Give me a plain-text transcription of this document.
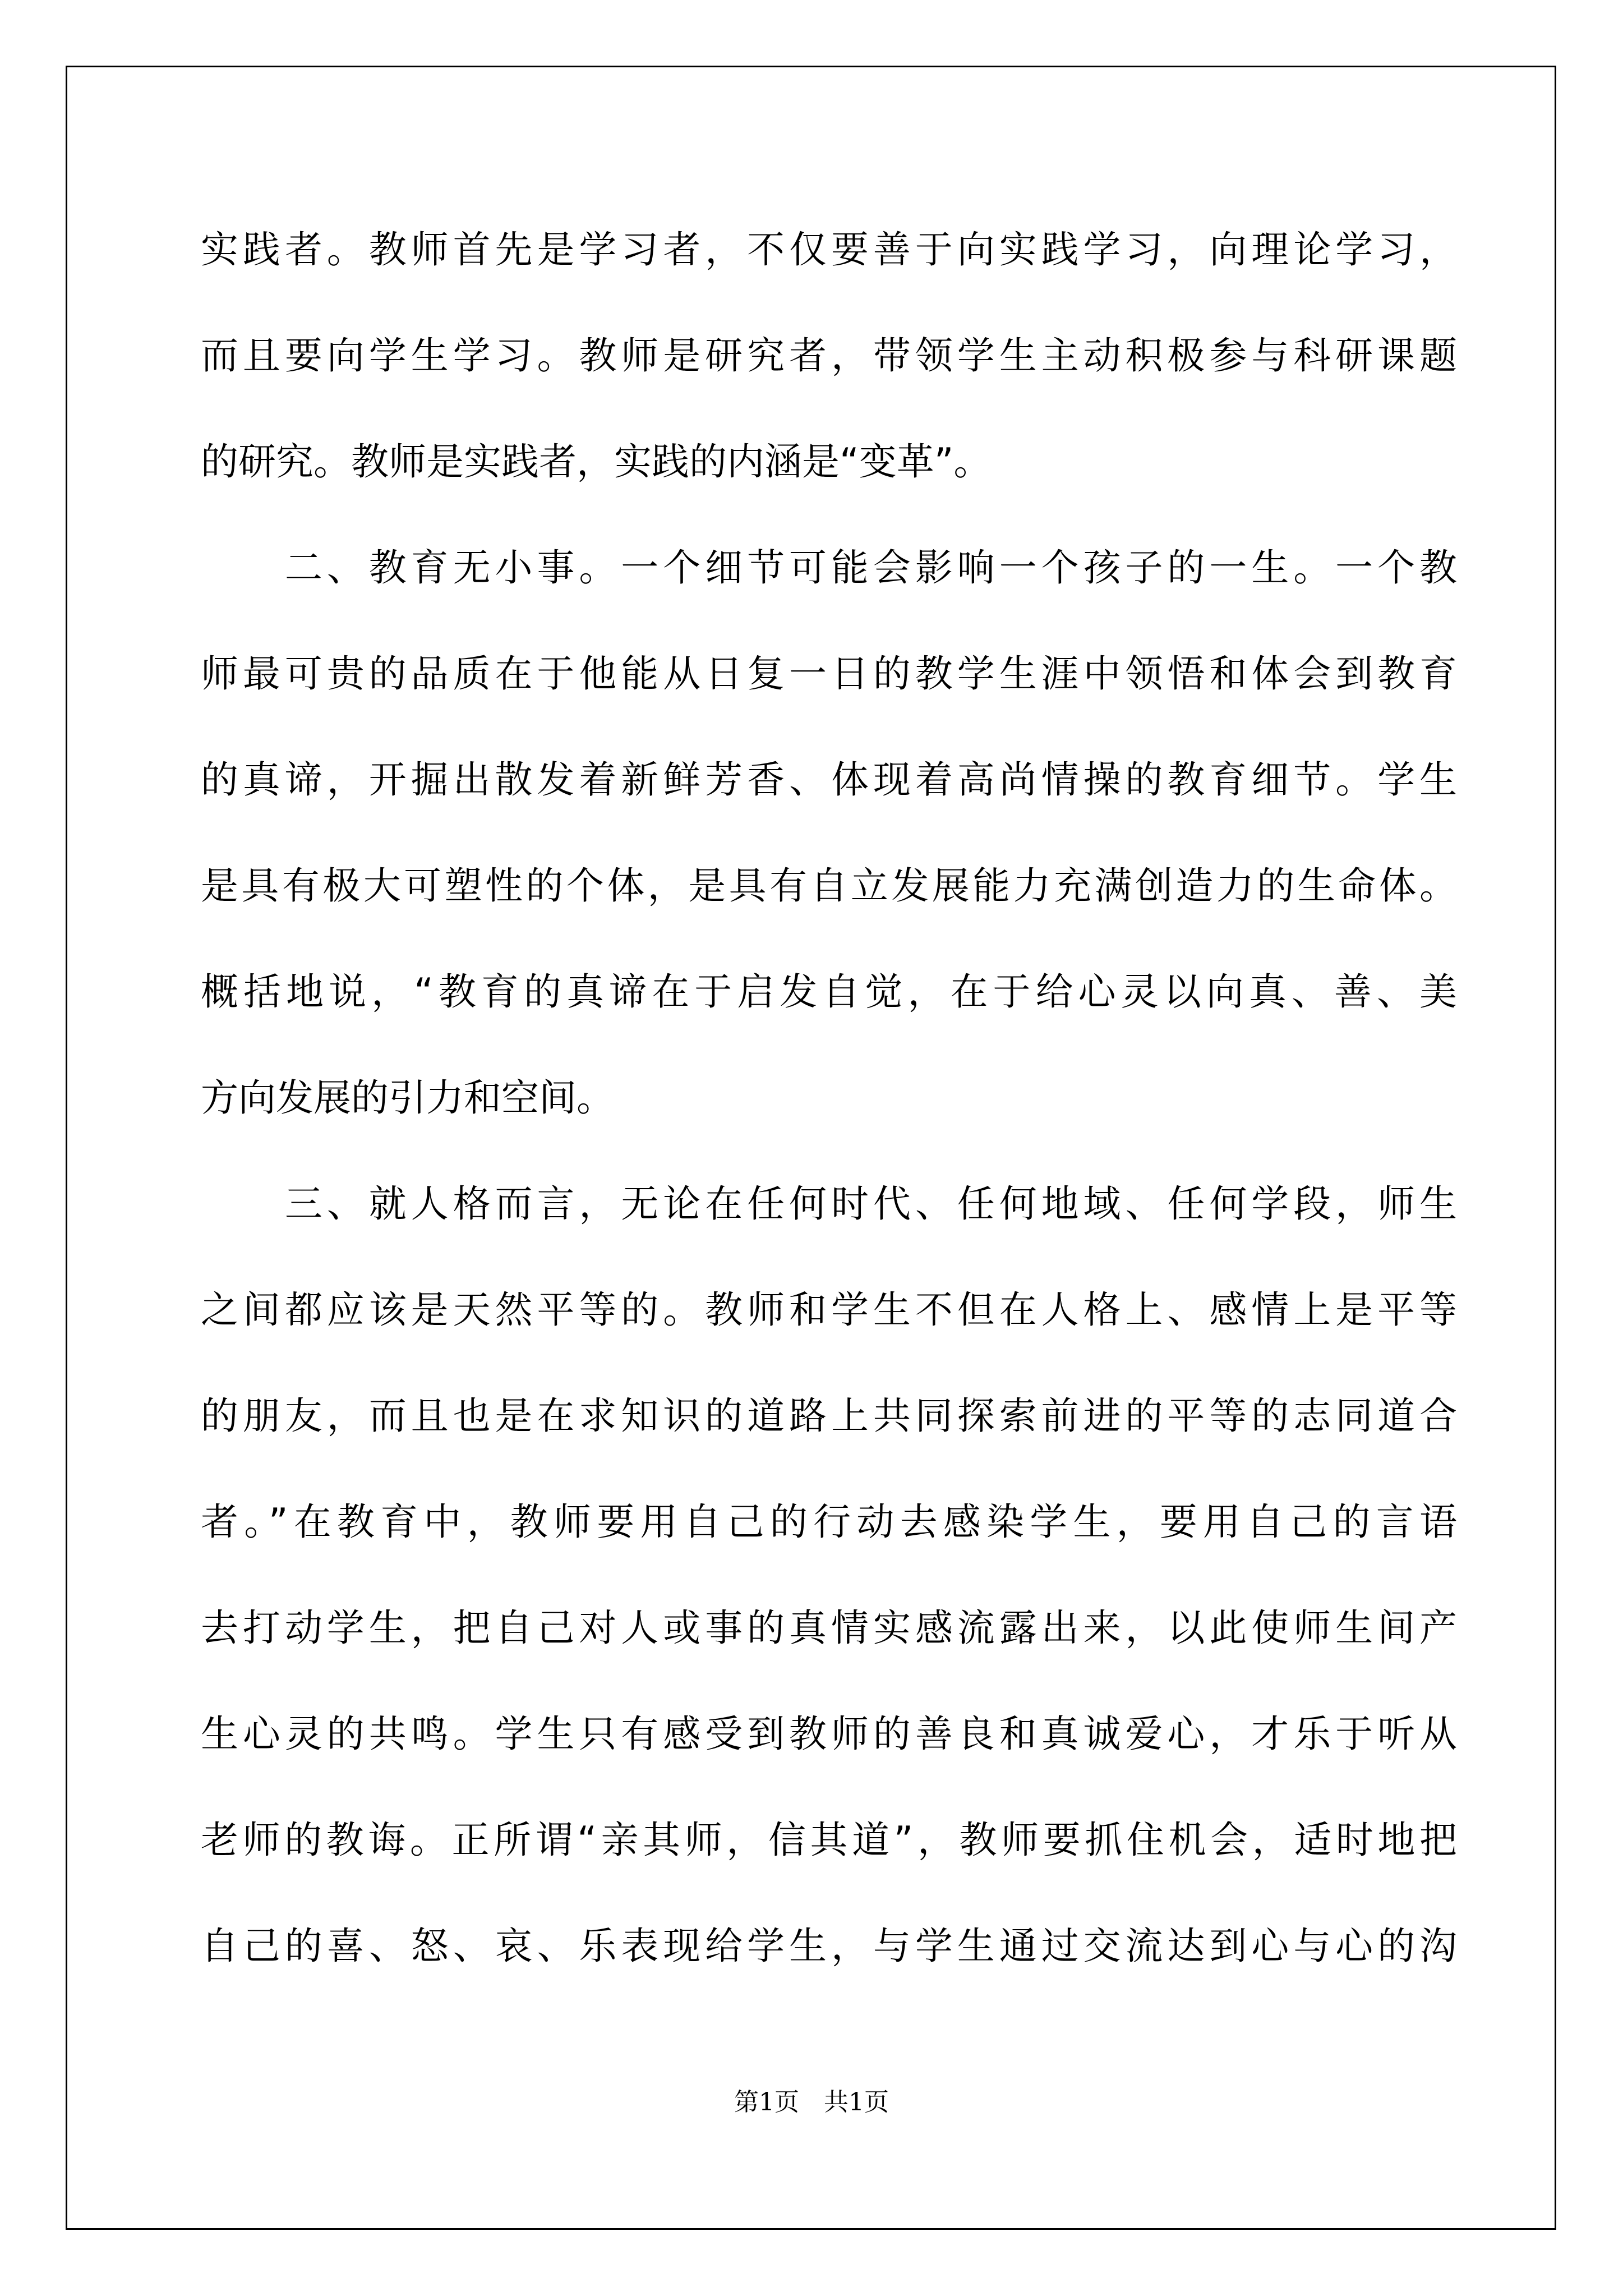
实践者。教师首先是学习者，不仅要善于向实践学习，向理论学习，
而且要向学生学习。教师是研究者，带领学生主动积极参与科研课题
的研究。教师是实践者，实践的内涵是“变革”。
　　二、教育无小事。一个细节可能会影响一个孩子的一生。一个教
师最可贵的品质在于他能从日复一日的教学生涯中领悟和体会到教育
的真谛，开掘出散发着新鲜芳香、体现着高尚情操的教育细节。学生
是具有极大可塑性的个体，是具有自立发展能力充满创造力的生命体。
概括地说，“教育的真谛在于启发自觉，在于给心灵以向真、善、美
方向发展的引力和空间。
　　三、就人格而言，无论在任何时代、任何地域、任何学段，师生
之间都应该是天然平等的。教师和学生不但在人格上、感情上是平等
的朋友，而且也是在求知识的道路上共同探索前进的平等的志同道合
者。”在教育中，教师要用自己的行动去感染学生，要用自己的言语
去打动学生，把自己对人或事的真情实感流露出来，以此使师生间产
生心灵的共鸣。学生只有感受到教师的善良和真诚爱心，才乐于听从
老师的教诲。正所谓“亲其师，信其道”，教师要抓住机会，适时地把
自己的喜、怒、哀、乐表现给学生，与学生通过交流达到心与心的沟
第1页　共1页
